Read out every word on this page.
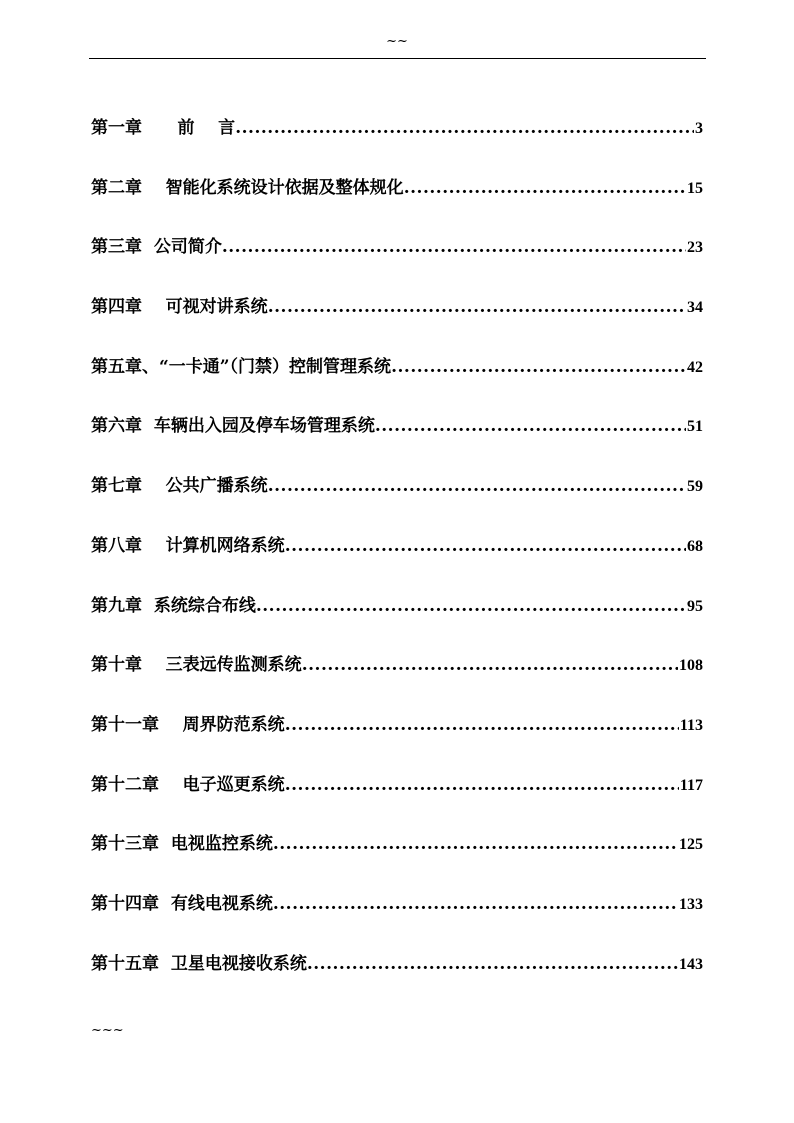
~~
第一章      前    言 .....	3
第二章    智能化系统设计依据及整体规化 .....	15
第三章  公司简介 .....	23
第四章    可视对讲系统 .....	34
第五章、“一卡通”（门禁）控制管理系统 .....	42
第六章  车辆出入园及停车场管理系统 .....	51
第七章    公共广播系统 .....	59
第八章    计算机网络系统 .....	68
第九章  系统综合布线 .....	95
第十章    三表远传监测系统 .....	108
第十一章    周界防范系统 .....	113
第十二章    电子巡更系统 .....	117
第十三章  电视监控系统 .....	125
第十四章  有线电视系统 .....	133
第十五章  卫星电视接收系统 .....	143
~~~
